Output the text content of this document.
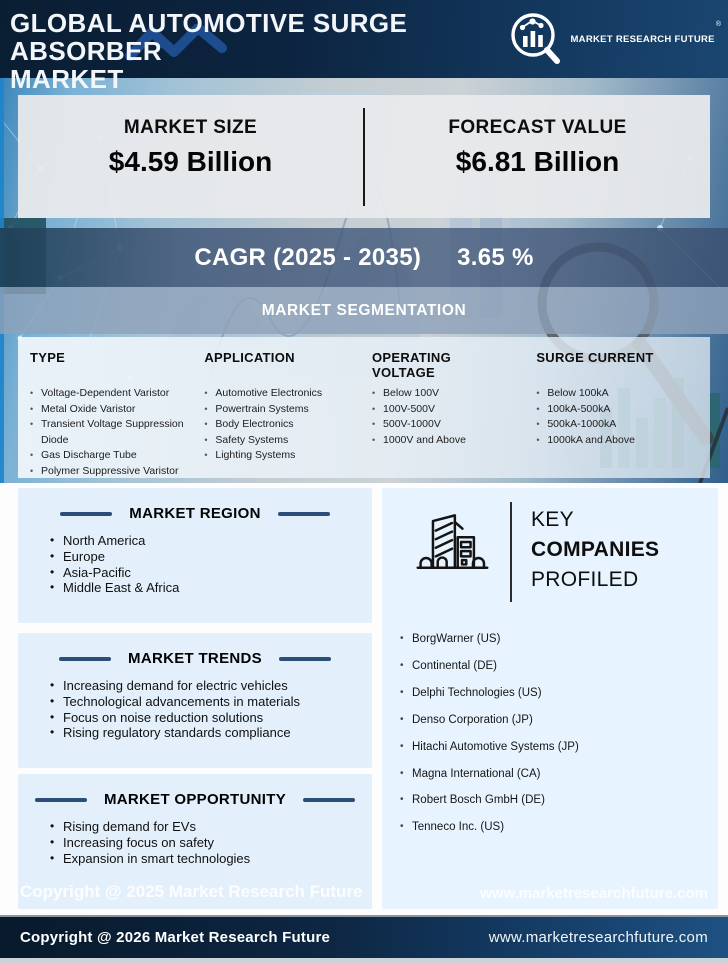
GLOBAL AUTOMOTIVE SURGE ABSORBER
MARKET
MARKET RESEARCH FUTURE®
MARKET SIZE
$4.59 Billion
FORECAST VALUE
$6.81 Billion
CAGR (2025 - 2035) 3.65 %
MARKET SEGMENTATION
TYPE
• Voltage-Dependent Varistor
• Metal Oxide Varistor
• Transient Voltage Suppression Diode
• Gas Discharge Tube
• Polymer Suppressive Varistor
APPLICATION
• Automotive Electronics
• Powertrain Systems
• Body Electronics
• Safety Systems
• Lighting Systems
OPERATING VOLTAGE
• Below 100V
• 100V-500V
• 500V-1000V
• 1000V and Above
SURGE CURRENT
• Below 100kA
• 100kA-500kA
• 500kA-1000kA
• 1000kA and Above
MARKET REGION
• North America
• Europe
• Asia-Pacific
• Middle East & Africa
MARKET TRENDS
• Increasing demand for electric vehicles
• Technological advancements in materials
• Focus on noise reduction solutions
• Rising regulatory standards compliance
MARKET OPPORTUNITY
• Rising demand for EVs
• Increasing focus on safety
• Expansion in smart technologies
KEY
COMPANIES
PROFILED
• BorgWarner (US)
• Continental (DE)
• Delphi Technologies (US)
• Denso Corporation (JP)
• Hitachi Automotive Systems (JP)
• Magna International (CA)
• Robert Bosch GmbH (DE)
• Tenneco Inc. (US)
Copyright @ 2025 Market Research Future	www.marketresearchfuture.com
Copyright @ 2026 Market Research Future	www.marketresearchfuture.com
